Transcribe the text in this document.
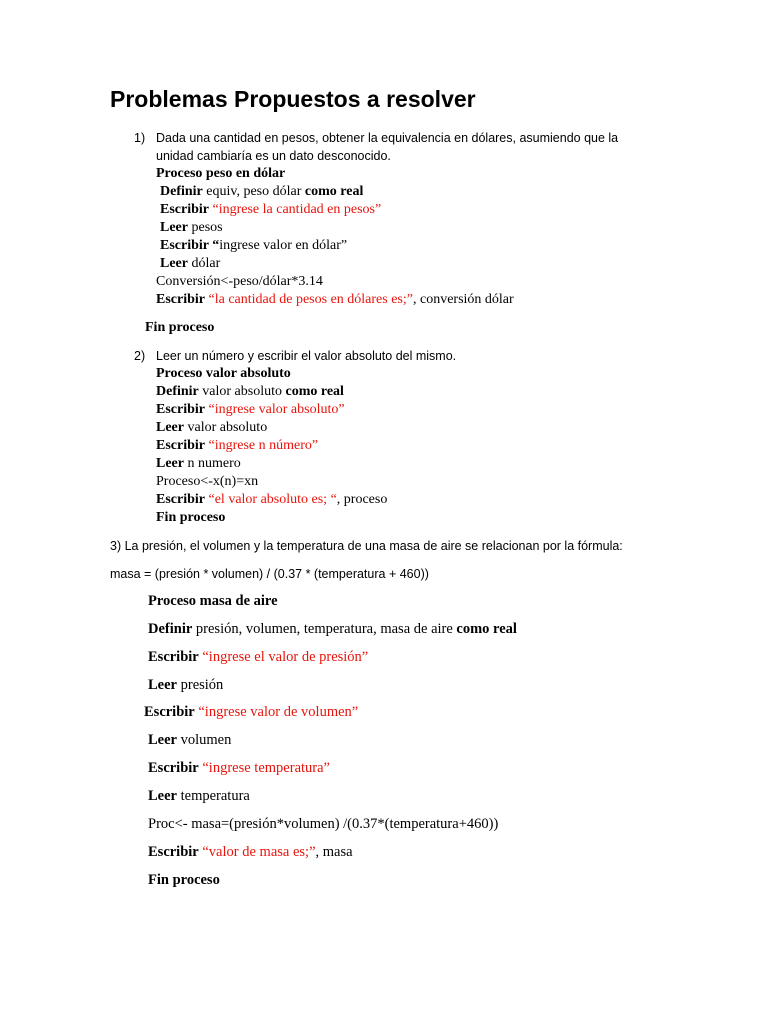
Problemas Propuestos a resolver
1) Dada una cantidad en pesos, obtener la equivalencia en dólares, asumiendo que la
unidad cambiaría es un dato desconocido.
Proceso peso en dólar
Definir equiv, peso dólar como real
Escribir “ingrese la cantidad en pesos”
Leer pesos
Escribir “ingrese valor en dólar”
Leer dólar
Conversión<-peso/dólar*3.14
Escribir “la cantidad de pesos en dólares es;”, conversión dólar
Fin proceso
2) Leer un número y escribir el valor absoluto del mismo.
Proceso valor absoluto
Definir valor absoluto como real
Escribir “ingrese valor absoluto”
Leer valor absoluto
Escribir “ingrese n número”
Leer n numero
Proceso<-x(n)=xn
Escribir “el valor absoluto es; “, proceso
Fin proceso
3) La presión, el volumen y la temperatura de una masa de aire se relacionan por la fórmula:
masa = (presión * volumen) / (0.37 * (temperatura + 460))
Proceso masa de aire
Definir presión, volumen, temperatura, masa de aire como real
Escribir “ingrese el valor de presión”
Leer presión
Escribir “ingrese valor de volumen”
Leer volumen
Escribir “ingrese temperatura”
Leer temperatura
Proc<- masa=(presión*volumen) /(0.37*(temperatura+460))
Escribir “valor de masa es;”, masa
Fin proceso
